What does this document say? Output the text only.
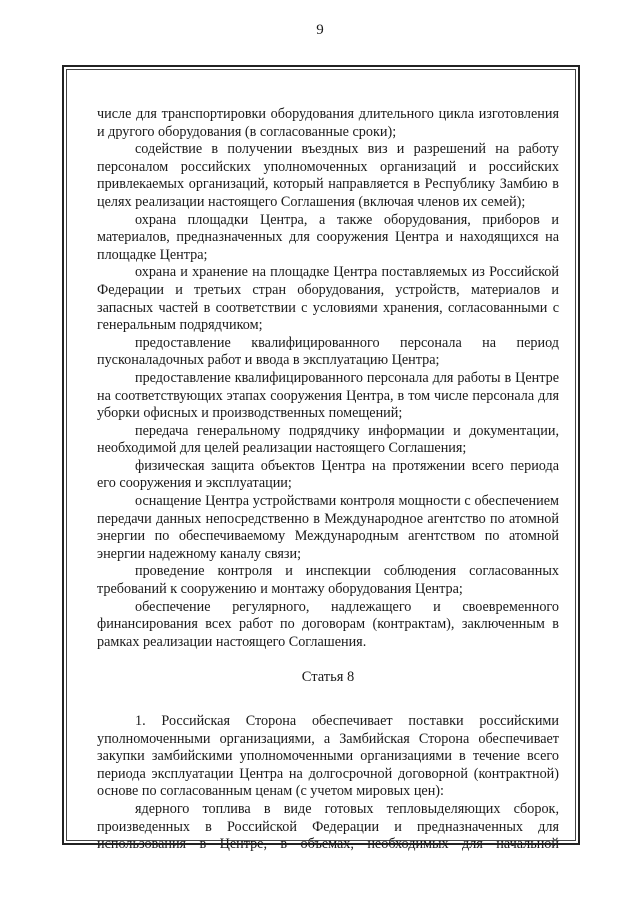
9

числе для транспортировки оборудования длительного цикла изготовления и другого оборудования (в согласованные сроки);

содействие в получении въездных виз и разрешений на работу персоналом российских уполномоченных организаций и российских привлекаемых организаций, который направляется в Республику Замбию в целях реализации настоящего Соглашения (включая членов их семей);

охрана площадки Центра, а также оборудования, приборов и материалов, предназначенных для сооружения Центра и находящихся на площадке Центра;

охрана и хранение на площадке Центра поставляемых из Российской Федерации и третьих стран оборудования, устройств, материалов и запасных частей в соответствии с условиями хранения, согласованными с генеральным подрядчиком;

предоставление квалифицированного персонала на период пусконаладочных работ и ввода в эксплуатацию Центра;

предоставление квалифицированного персонала для работы в Центре на соответствующих этапах сооружения Центра, в том числе персонала для уборки офисных и производственных помещений;

передача генеральному подрядчику информации и документации, необходимой для целей реализации настоящего Соглашения;

физическая защита объектов Центра на протяжении всего периода его сооружения и эксплуатации;

оснащение Центра устройствами контроля мощности с обеспечением передачи данных непосредственно в Международное агентство по атомной энергии по обеспечиваемому Международным агентством по атомной энергии надежному каналу связи;

проведение контроля и инспекции соблюдения согласованных требований к сооружению и монтажу оборудования Центра;

обеспечение регулярного, надлежащего и своевременного финансирования всех работ по договорам (контрактам), заключенным в рамках реализации настоящего Соглашения.

Статья 8

1. Российская Сторона обеспечивает поставки российскими уполномоченными организациями, а Замбийская Сторона обеспечивает закупки замбийскими уполномоченными организациями в течение всего периода эксплуатации Центра на долгосрочной договорной (контрактной) основе по согласованным ценам (с учетом мировых цен):

ядерного топлива в виде готовых тепловыделяющих сборок, произведенных в Российской Федерации и предназначенных для использования в Центре, в объемах, необходимых для начальной
